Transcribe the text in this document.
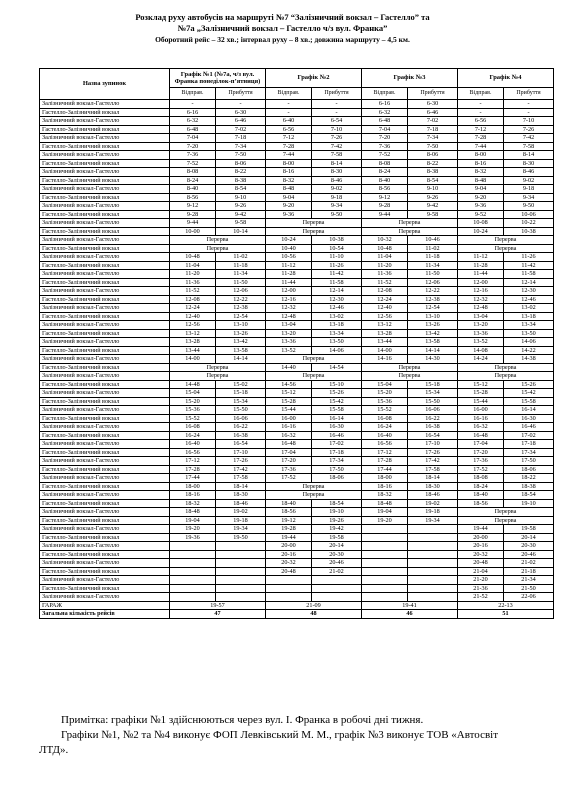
Розклад руху автобусів на маршруті №7 “Залізничний вокзал – Гастелло” та
№7а „Залізничний вокзал – Гастелло ч/з вул. Франка”
Оборотний рейс – 32 хв.; інтервал руху – 8 хв.; довжина маршруту – 4,5 км.
Назва зупинок	Графік №1 (№7а, ч/з вул. Франка понеділок-п’ятниця)		Графік №2		Графік №3		Графік №4	
	Відправ.	Прибуття	Відправ.	Прибуття	Відправ.	Прибуття	Відправ.	Прибуття
Залізничний вокзал-Гастелло	-	-	-	-	6-16	6-30	-	-
Гастелло-Залізничний вокзал	6-16	6-30	-	-	6-32	6-46	-	-
Залізничний вокзал-Гастелло	6-32	6-46	6-40	6-54	6-48	7-02	6-56	7-10
Гастелло-Залізничний вокзал	6-48	7-02	6-56	7-10	7-04	7-18	7-12	7-26
Залізничний вокзал-Гастелло	7-04	7-18	7-12	7-26	7-20	7-34	7-28	7-42
Гастелло-Залізничний вокзал	7-20	7-34	7-28	7-42	7-36	7-50	7-44	7-58
Залізничний вокзал-Гастелло	7-36	7-50	7-44	7-58	7-52	8-06	8-00	8-14
Гастелло-Залізничний вокзал	7-52	8-06	8-00	8-14	8-08	8-22	8-16	8-30
Залізничний вокзал-Гастелло	8-08	8-22	8-16	8-30	8-24	8-38	8-32	8-46
Гастелло-Залізничний вокзал	8-24	8-38	8-32	8-46	8-40	8-54	8-48	9-02
Залізничний вокзал-Гастелло	8-40	8-54	8-48	9-02	8-56	9-10	9-04	9-18
Гастелло-Залізничний вокзал	8-56	9-10	9-04	9-18	9-12	9-26	9-20	9-34
Залізничний вокзал-Гастелло	9-12	9-26	9-20	9-34	9-28	9-42	9-36	9-50
Гастелло-Залізничний вокзал	9-28	9-42	9-36	9-50	9-44	9-58	9-52	10-06
Залізничний вокзал-Гастелло	9-44	9-58	Перерва		Перерва		10-08	10-22
Гастелло-Залізничний вокзал	10-00	10-14	Перерва		Перерва		10-24	10-38
Залізничний вокзал-Гастелло	Перерва		10-24	10-38	10-32	10-46	Перерва	
Гастелло-Залізничний вокзал	Перерва		10-40	10-54	10-48	11-02	Перерва	
Залізничний вокзал-Гастелло	10-48	11-02	10-56	11-10	11-04	11-18	11-12	11-26
Гастелло-Залізничний вокзал	11-04	11-18	11-12	11-26	11-20	11-34	11-28	11-42
Залізничний вокзал-Гастелло	11-20	11-34	11-28	11-42	11-36	11-50	11-44	11-58
Гастелло-Залізничний вокзал	11-36	11-50	11-44	11-58	11-52	12-06	12-00	12-14
Залізничний вокзал-Гастелло	11-52	12-06	12-00	12-14	12-08	12-22	12-16	12-30
Гастелло-Залізничний вокзал	12-08	12-22	12-16	12-30	12-24	12-38	12-32	12-46
Залізничний вокзал-Гастелло	12-24	12-38	12-32	12-46	12-40	12-54	12-48	13-02
Гастелло-Залізничний вокзал	12-40	12-54	12-48	13-02	12-56	13-10	13-04	13-18
Залізничний вокзал-Гастелло	12-56	13-10	13-04	13-18	13-12	13-26	13-20	13-34
Гастелло-Залізничний вокзал	13-12	13-26	13-20	13-34	13-28	13-42	13-36	13-50
Залізничний вокзал-Гастелло	13-28	13-42	13-36	13-50	13-44	13-58	13-52	14-06
Гастелло-Залізничний вокзал	13-44	13-58	13-52	14-06	14-00	14-14	14-08	14-22
Залізничний вокзал-Гастелло	14-00	14-14	Перерва		14-16	14-30	14-24	14-38
Гастелло-Залізничний вокзал	Перерва		14-40	14-54	Перерва		Перерва	
Залізничний вокзал-Гастелло	Перерва		Перерва		Перерва		Перерва	
Гастелло-Залізничний вокзал	14-48	15-02	14-56	15-10	15-04	15-18	15-12	15-26
Залізничний вокзал-Гастелло	15-04	15-18	15-12	15-26	15-20	15-34	15-28	15-42
Гастелло-Залізничний вокзал	15-20	15-34	15-28	15-42	15-36	15-50	15-44	15-58
Залізничний вокзал-Гастелло	15-36	15-50	15-44	15-58	15-52	16-06	16-00	16-14
Гастелло-Залізничний вокзал	15-52	16-06	16-00	16-14	16-08	16-22	16-16	16-30
Залізничний вокзал-Гастелло	16-08	16-22	16-16	16-30	16-24	16-38	16-32	16-46
Гастелло-Залізничний вокзал	16-24	16-38	16-32	16-46	16-40	16-54	16-48	17-02
Залізничний вокзал-Гастелло	16-40	16-54	16-48	17-02	16-56	17-10	17-04	17-18
Гастелло-Залізничний вокзал	16-56	17-10	17-04	17-18	17-12	17-26	17-20	17-34
Залізничний вокзал-Гастелло	17-12	17-26	17-20	17-34	17-28	17-42	17-36	17-50
Гастелло-Залізничний вокзал	17-28	17-42	17-36	17-50	17-44	17-58	17-52	18-06
Залізничний вокзал-Гастелло	17-44	17-58	17-52	18-06	18-00	18-14	18-08	18-22
Гастелло-Залізничний вокзал	18-00	18-14	Перерва		18-16	18-30	18-24	18-38
Залізничний вокзал-Гастелло	18-16	18-30	Перерва		18-32	18-46	18-40	18-54
Гастелло-Залізничний вокзал	18-32	18-46	18-40	18-54	18-48	19-02	18-56	19-10
Залізничний вокзал-Гастелло	18-48	19-02	18-56	19-10	19-04	19-18	Перерва	
Гастелло-Залізничний вокзал	19-04	19-18	19-12	19-26	19-20	19-34	Перерва	
Залізничний вокзал-Гастелло	19-20	19-34	19-28	19-42			19-44	19-58
Гастелло-Залізничний вокзал	19-36	19-50	19-44	19-58			20-00	20-14
Залізничний вокзал-Гастелло			20-00	20-14			20-16	20-30
Гастелло-Залізничний вокзал			20-16	20-30			20-32	20-46
Залізничний вокзал-Гастелло			20-32	20-46			20-48	21-02
Гастелло-Залізничний вокзал			20-48	21-02			21-04	21-18
Залізничний вокзал-Гастелло							21-20	21-34
Гастелло-Залізничний вокзал							21-36	21-50
Залізничний вокзал-Гастелло							21-52	22-06
ГАРАЖ	19-57		21-09		19-41		22-13	
Загальна кількість рейсів	47		48		46		51	

Примітка: графіки №1 здійснюються через вул. І. Франка в робочі дні тижня.

Графіки №1, №2 та №4 виконує ФОП Левківський М. М., графік №3 виконує ТОВ «Автосвіт ЛТД».
